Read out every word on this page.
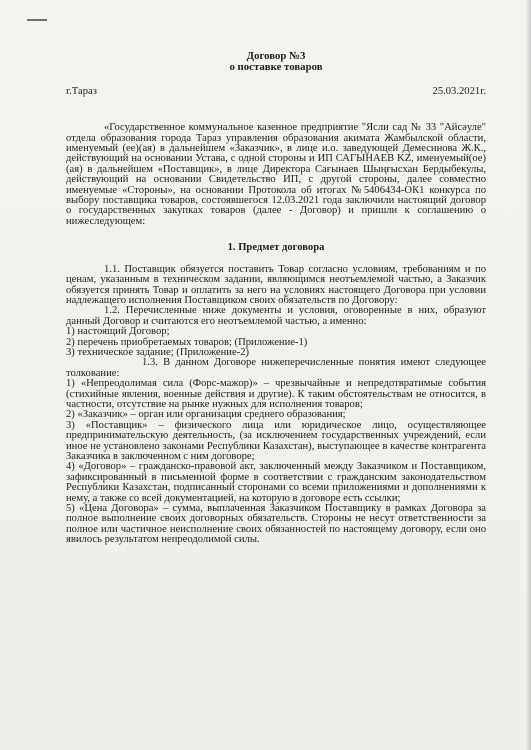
Договор №3

о поставке товаров

г.Тараз	25.03.2021г.

«Государственное коммунальное казенное предприятие "Ясли сад № 33 "Айсәуле" отдела образования города Тараз управления образования акимата Жамбылской области, именуемый (ее)(ая) в дальнейшем «Заказчик», в лице и.о. заведующей Демесинова Ж.К., действующий на основании Устава, с одной стороны и ИП САГЫНАЕВ KZ, именуемый(ое)(ая) в дальнейшем «Поставщик», в лице Директора Сағынаев Шыңғысхан Бердыбекулы, действующий на основании Свидетельство ИП, с другой стороны, далее совместно именуемые «Стороны», на основании Протокола об итогах №5406434-ОК1 конкурса по выбору поставщика товаров, состоявшегося 12.03.2021 года заключили настоящий договор о государственных закупках товаров (далее - Договор) и пришли к соглашению о нижеследующем:

1. Предмет договора

1.1. Поставщик обязуется поставить Товар согласно условиям, требованиям и по ценам, указанным в техническом задании, являющимся неотъемлемой частью, а Заказчик обязуется принять Товар и оплатить за него на условиях настоящего Договора при условии надлежащего исполнения Поставщиком своих обязательств по Договору:

1.2. Перечисленные ниже документы и условия, оговоренные в них, образуют данный Договор и считаются его неотъемлемой частью, а именно:

1) настоящий Договор;

2) перечень приобретаемых товаров; (Приложение-1)

3) техническое задание; (Приложение-2)

1.3. В данном Договоре нижеперечисленные понятия имеют следующее толкование:

1) «Непреодолимая сила (Форс-мажор)» – чрезвычайные и непредотвратимые события (стихийные явления, военные действия и другие). К таким обстоятельствам не относится, в частности, отсутствие на рынке нужных для исполнения товаров;

2) «Заказчик» – орган или организация среднего образования;

3) «Поставщик» – физического лица или юридическое лицо, осуществляющее предпринимательскую деятельность, (за исключением государственных учреждений, если иное не установлено законами Республики Казахстан), выступающее в качестве контрагента Заказчика в заключенном с ним договоре;

4) «Договор» – гражданско-правовой акт, заключенный между Заказчиком и Поставщиком, зафиксированный в письменной форме в соответствии с гражданским законодательством Республики Казахстан, подписанный сторонами со всеми приложениями и дополнениями к нему, а также со всей документацией, на которую в договоре есть ссылки;

5) «Цена Договора» – сумма, выплаченная Заказчиком Поставщику в рамках Договора за полное выполнение своих договорных обязательств. Стороны не несут ответственности за полное или частичное неисполнение своих обязанностей по настоящему договору, если оно явилось результатом непреодолимой силы.
